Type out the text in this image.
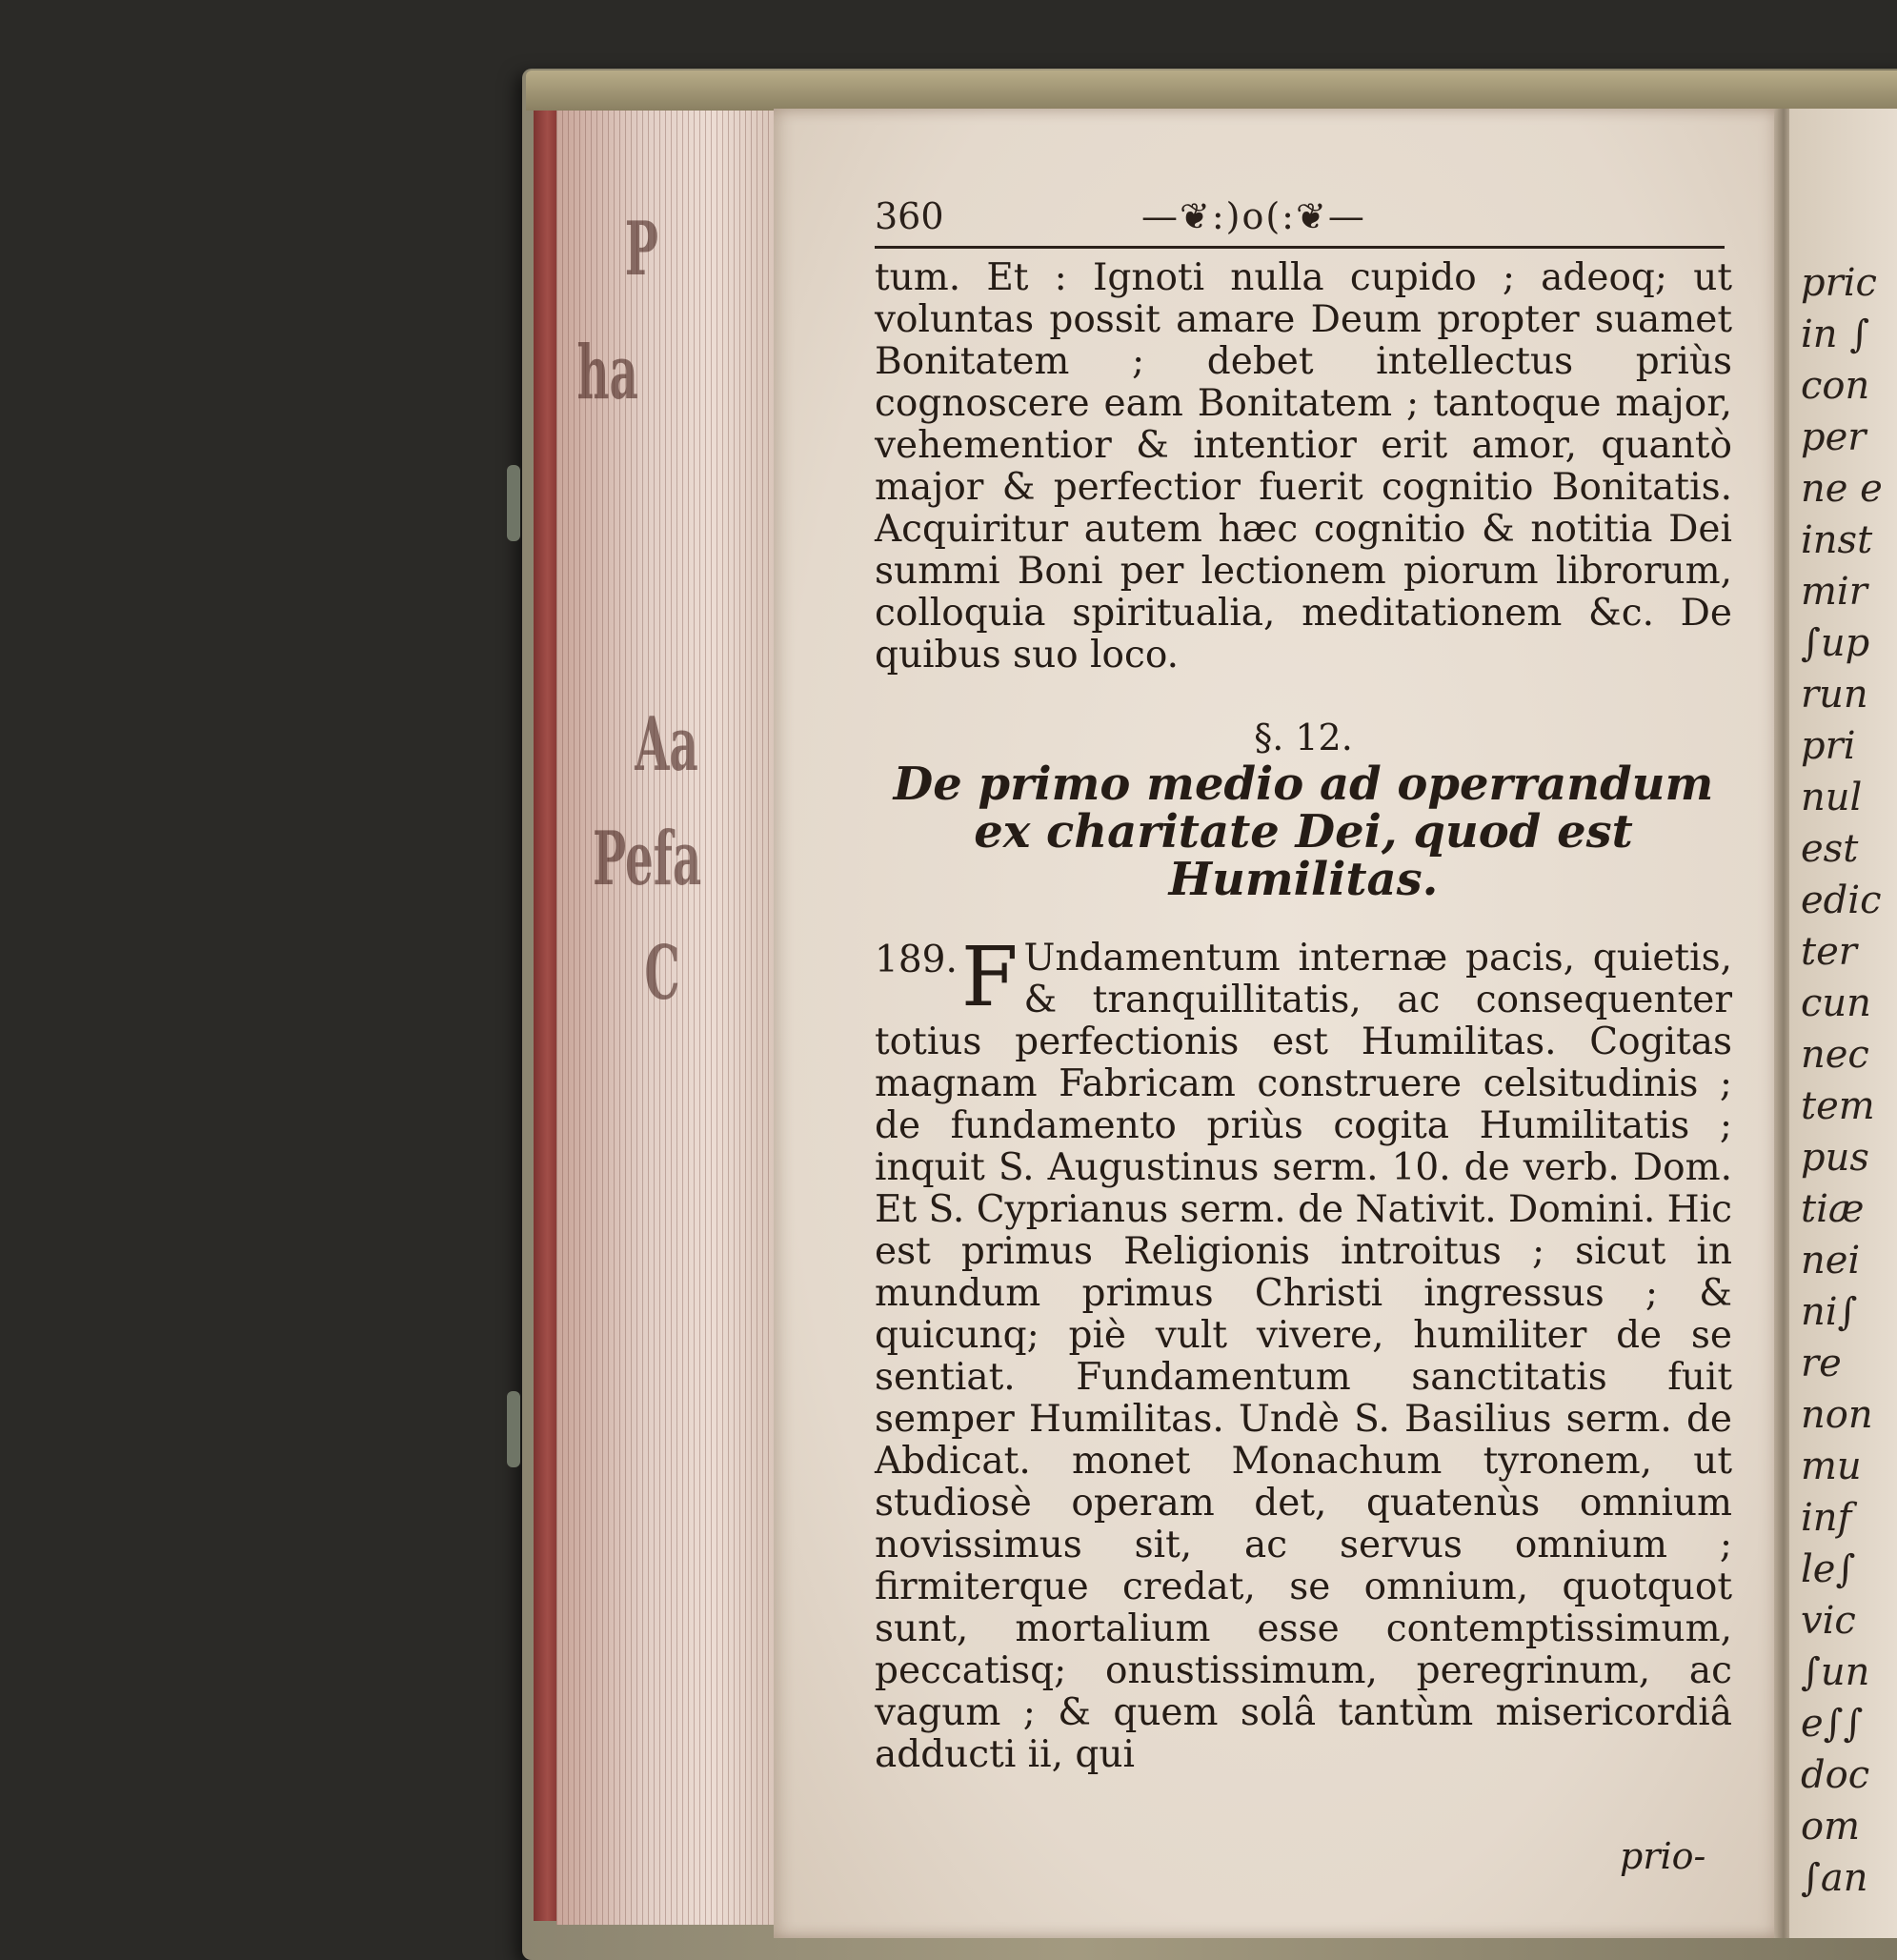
P
ha
Aa
Pefa
C
pric
in ∫
con
per
ne e
inst
mir
∫up
run
pri
nul
est
edic
ter
cun
nec
tem
pus
tiæ
nei
ni∫
re
non
mu
inf
le∫
vic
∫un
e∫∫
doc
om
∫an
360	—❦:)o(:❦—
tum. Et : Ignoti nulla cupido ; adeoq; ut voluntas possit amare Deum propter suamet Bonitatem ; debet intellectus priùs cognoscere eam Bonitatem ; tantoque major, vehementior & intentior erit amor, quantò major & perfectior fuerit cognitio Bonitatis. Acquiritur autem hæc cognitio & notitia Dei summi Boni per lectionem piorum librorum, colloquia spiritualia, meditationem &c. De quibus suo loco.
§. 12.
De primo medio ad operrandum ex charitate Dei, quod est Humilitas.
189. F Undamentum internæ pacis, quietis, & tranquillitatis, ac consequenter totius perfectionis est Humilitas. Cogitas magnam Fabricam construere celsitudinis ; de fundamento priùs cogita Humilitatis ; inquit S. Augustinus serm. 10. de verb. Dom. Et S. Cyprianus serm. de Nativit. Domini. Hic est primus Religionis introitus ; sicut in mundum primus Christi ingressus ; & quicunq; piè vult vivere, humiliter de se sentiat. Fundamentum sanctitatis fuit semper Humilitas. Undè S. Basilius serm. de Abdicat. monet Monachum tyronem, ut studiosè operam det, quatenùs omnium novissimus sit, ac servus omnium ; firmiterque credat, se omnium, quotquot sunt, mortalium esse contemptissimum, peccatisq; onustissimum, peregrinum, ac vagum ; & quem solâ tantùm misericordiâ adducti ii, qui
prio-
